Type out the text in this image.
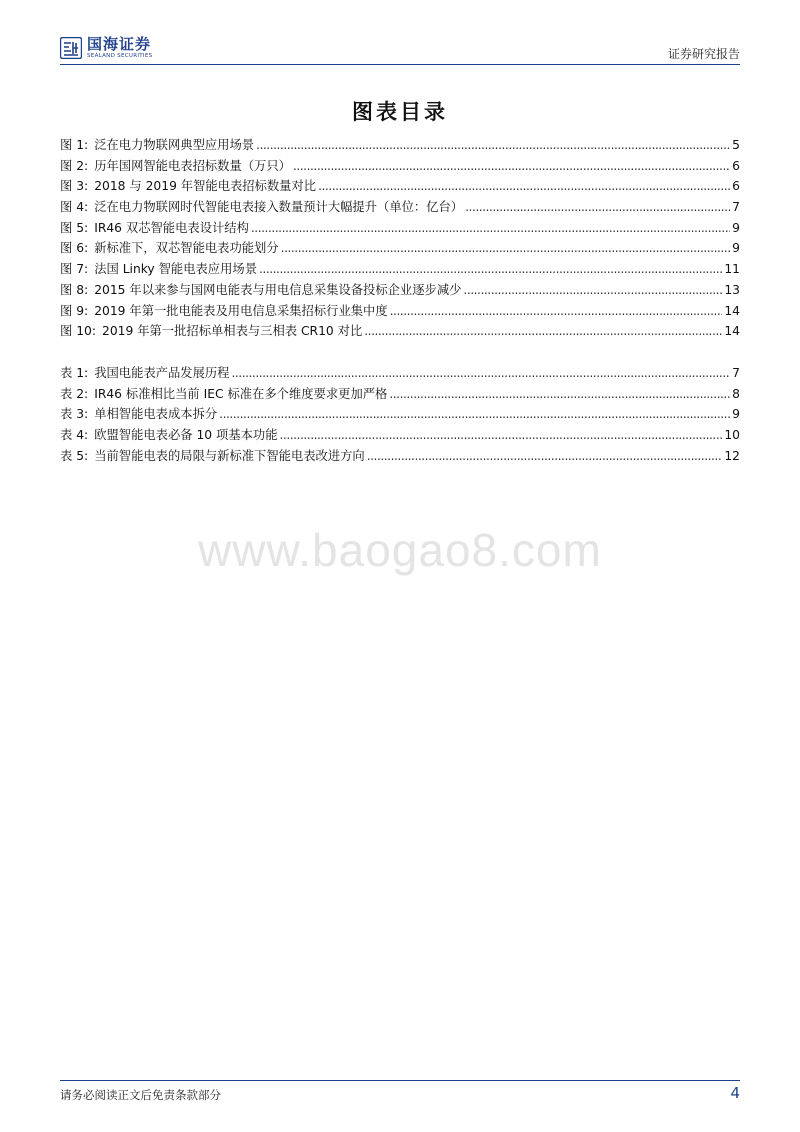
国海证券
SEALAND SECURITIES	证券研究报告
图表目录
图 1: 泛在电力物联网典型应用场景 .....	5
图 2: 历年国网智能电表招标数量（万只） .....	6
图 3: 2018 与 2019 年智能电表招标数量对比 .....	6
图 4: 泛在电力物联网时代智能电表接入数量预计大幅提升（单位：亿台） .....	7
图 5: IR46 双芯智能电表设计结构 .....	9
图 6: 新标准下，双芯智能电表功能划分 .....	9
图 7: 法国 Linky 智能电表应用场景 .....	11
图 8: 2015 年以来参与国网电能表与用电信息采集设备投标企业逐步减少 .....	13
图 9: 2019 年第一批电能表及用电信息采集招标行业集中度 .....	14
图 10: 2019 年第一批招标单相表与三相表 CR10 对比 .....	14
表 1: 我国电能表产品发展历程 .....	7
表 2: IR46 标准相比当前 IEC 标准在多个维度要求更加严格 .....	8
表 3: 单相智能电表成本拆分 .....	9
表 4: 欧盟智能电表必备 10 项基本功能 .....	10
表 5: 当前智能电表的局限与新标准下智能电表改进方向 .....	12
www.baogao8.com
请务必阅读正文后免责条款部分	4
